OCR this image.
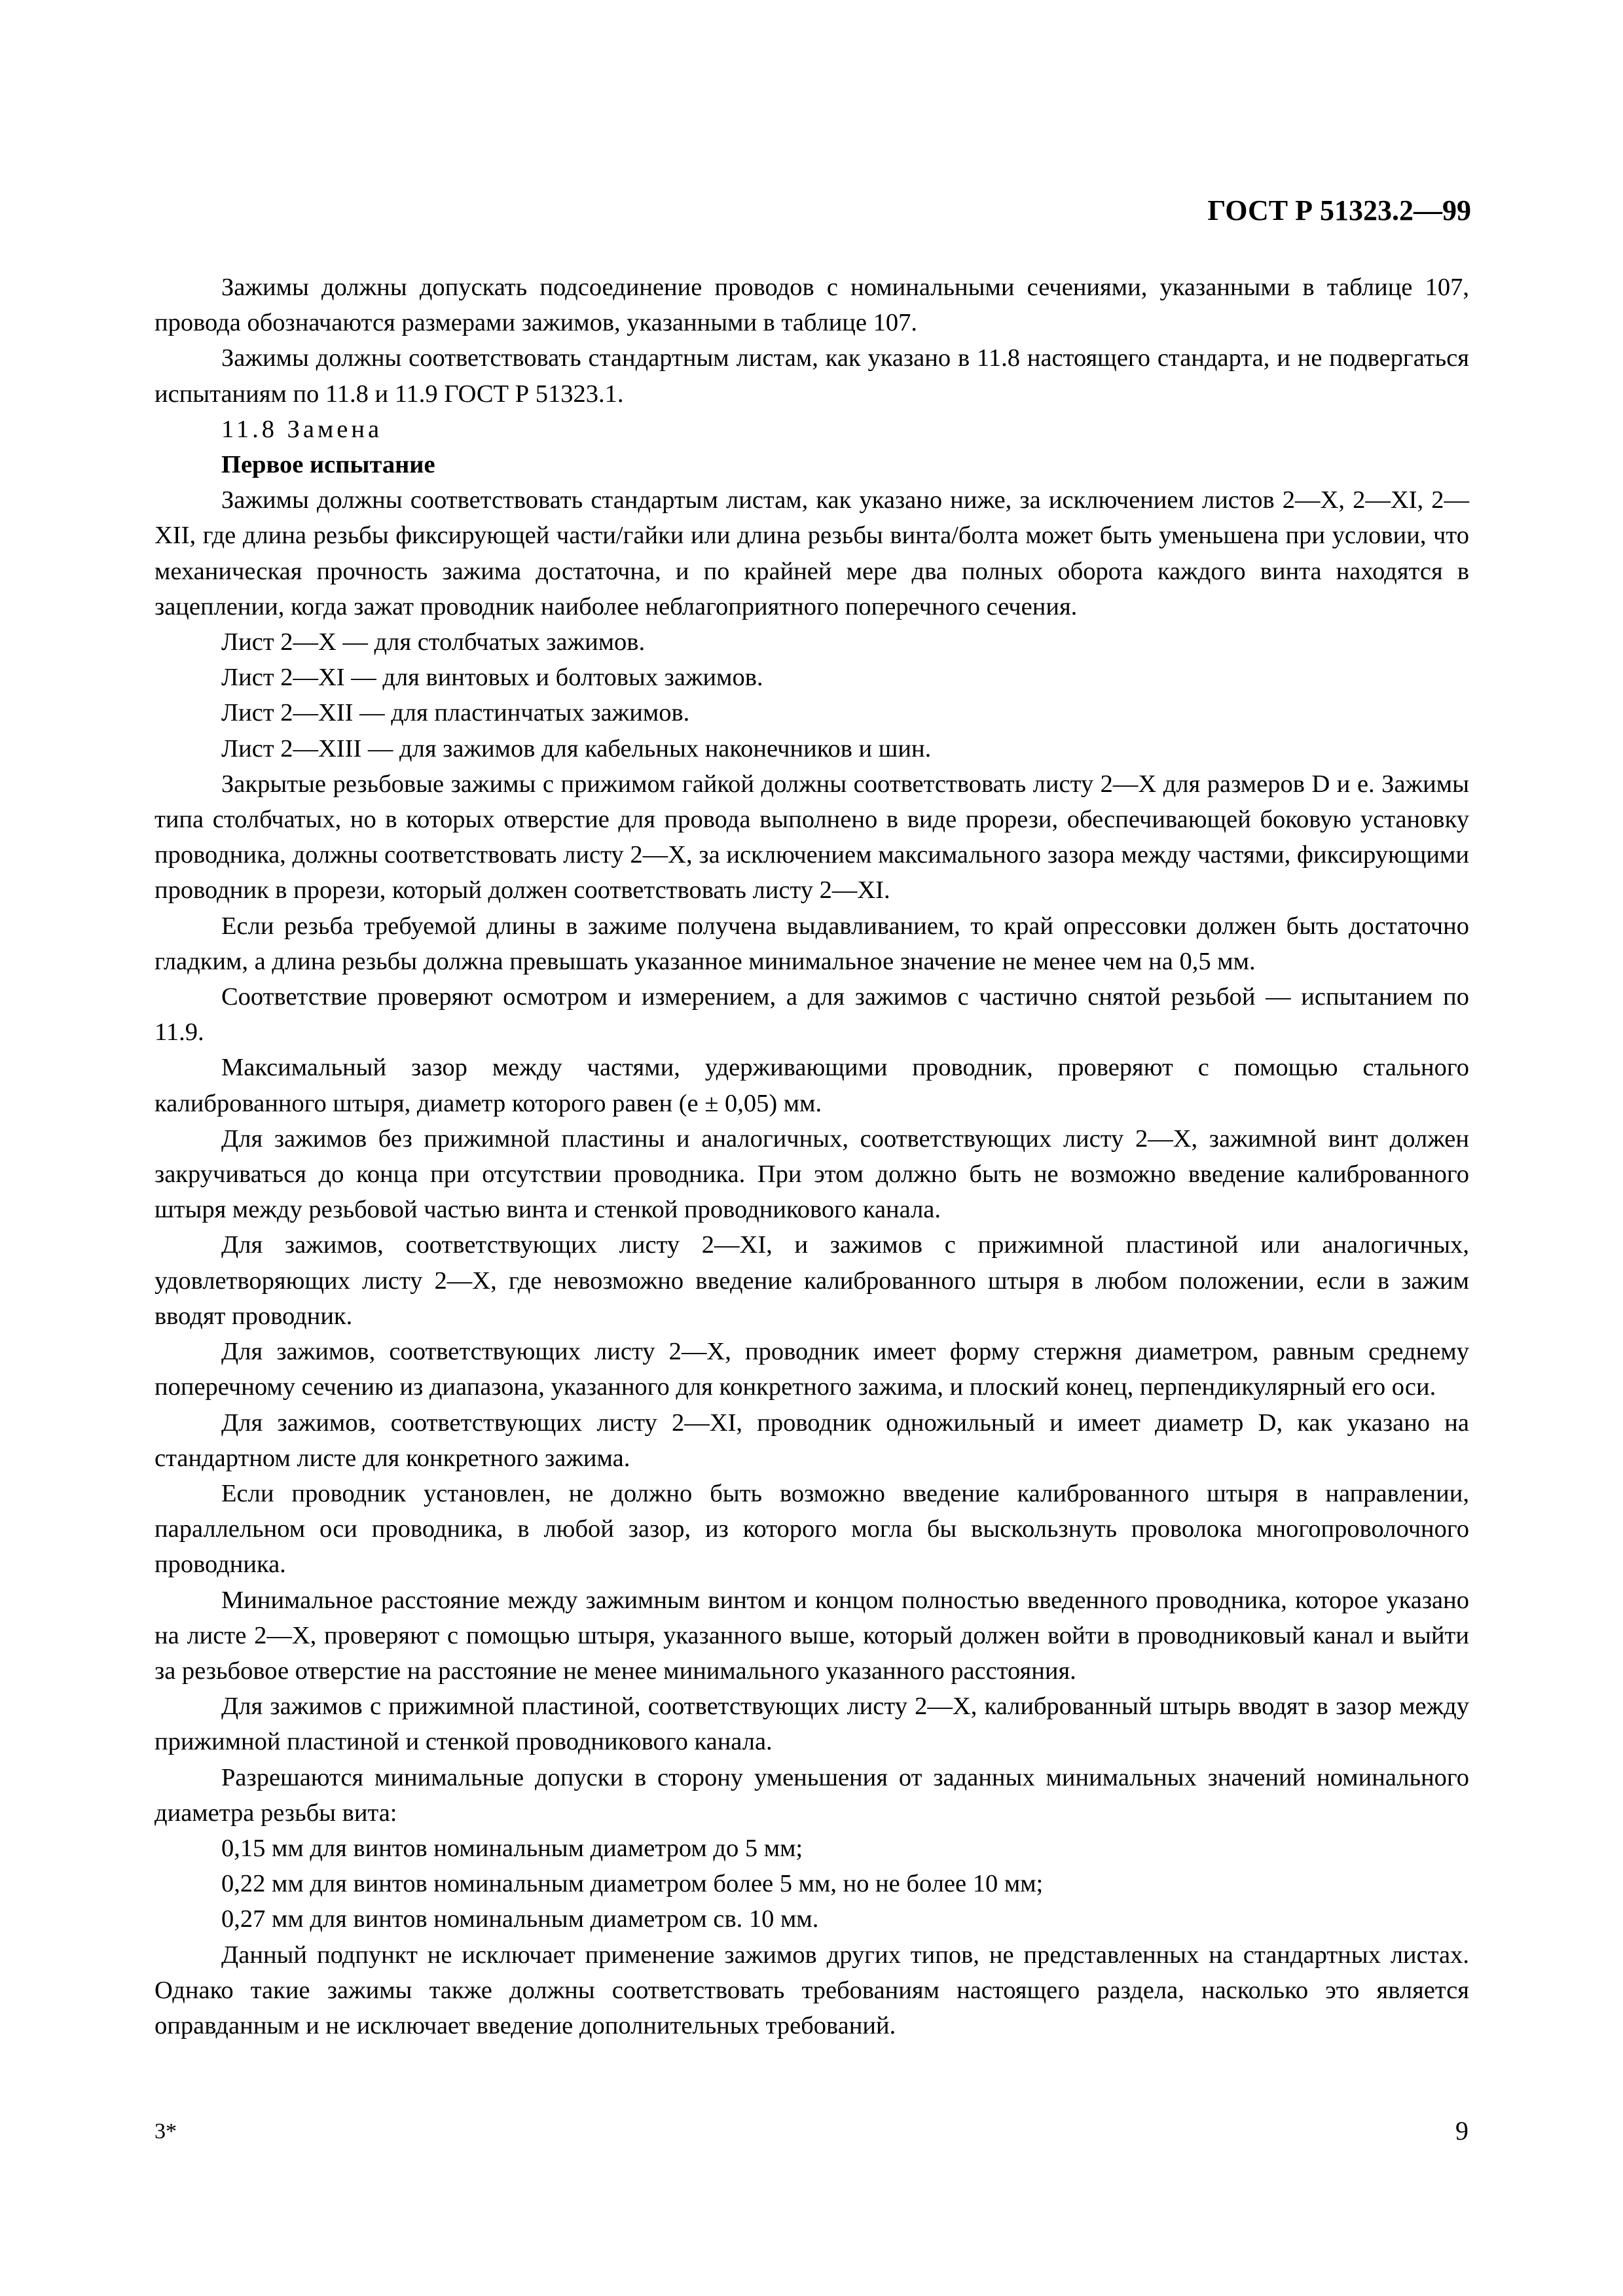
ГОСТ Р 51323.2—99

Зажимы должны допускать подсоединение проводов с номинальными сечениями, указанными в таблице 107, провода обозначаются размерами зажимов, указанными в таблице 107.

Зажимы должны соответствовать стандартным листам, как указано в 11.8 настоящего стандарта, и не подвергаться испытаниям по 11.8 и 11.9 ГОСТ Р 51323.1.

11.8 Замена

Первое испытание

Зажимы должны соответствовать стандартым листам, как указано ниже, за исключением листов 2—X, 2—XI, 2—XII, где длина резьбы фиксирующей части/гайки или длина резьбы винта/болта может быть уменьшена при условии, что механическая прочность зажима достаточна, и по крайней мере два полных оборота каждого винта находятся в зацеплении, когда зажат проводник наиболее неблагоприятного поперечного сечения.

Лист 2—X — для столбчатых зажимов.

Лист 2—XI — для винтовых и болтовых зажимов.

Лист 2—XII — для пластинчатых зажимов.

Лист 2—XIII — для зажимов для кабельных наконечников и шин.

Закрытые резьбовые зажимы с прижимом гайкой должны соответствовать листу 2—X для размеров D и e. Зажимы типа столбчатых, но в которых отверстие для провода выполнено в виде прорези, обеспечивающей боковую установку проводника, должны соответствовать листу 2—X, за исключением максимального зазора между частями, фиксирующими проводник в прорези, который должен соответствовать листу 2—XI.

Если резьба требуемой длины в зажиме получена выдавливанием, то край опрессовки должен быть достаточно гладким, а длина резьбы должна превышать указанное минимальное значение не менее чем на 0,5 мм.

Соответствие проверяют осмотром и измерением, а для зажимов с частично снятой резьбой — испытанием по 11.9.

Максимальный зазор между частями, удерживающими проводник, проверяют с помощью стального калиброванного штыря, диаметр которого равен (e ± 0,05) мм.

Для зажимов без прижимной пластины и аналогичных, соответствующих листу 2—X, зажимной винт должен закручиваться до конца при отсутствии проводника. При этом должно быть не возможно введение калиброванного штыря между резьбовой частью винта и стенкой проводникового канала.

Для зажимов, соответствующих листу 2—XI, и зажимов с прижимной пластиной или аналогичных, удовлетворяющих листу 2—X, где невозможно введение калиброванного штыря в любом положении, если в зажим вводят проводник.

Для зажимов, соответствующих листу 2—X, проводник имеет форму стержня диаметром, равным среднему поперечному сечению из диапазона, указанного для конкретного зажима, и плоский конец, перпендикулярный его оси.

Для зажимов, соответствующих листу 2—XI, проводник одножильный и имеет диаметр D, как указано на стандартном листе для конкретного зажима.

Если проводник установлен, не должно быть возможно введение калиброванного штыря в направлении, параллельном оси проводника, в любой зазор, из которого могла бы выскользнуть проволока многопроволочного проводника.

Минимальное расстояние между зажимным винтом и концом полностью введенного проводника, которое указано на листе 2—X, проверяют с помощью штыря, указанного выше, который должен войти в проводниковый канал и выйти за резьбовое отверстие на расстояние не менее минимального указанного расстояния.

Для зажимов с прижимной пластиной, соответствующих листу 2—X, калиброванный штырь вводят в зазор между прижимной пластиной и стенкой проводникового канала.

Разрешаются минимальные допуски в сторону уменьшения от заданных минимальных значений номинального диаметра резьбы вита:

0,15 мм для винтов номинальным диаметром до 5 мм;

0,22 мм для винтов номинальным диаметром более 5 мм, но не более 10 мм;

0,27 мм для винтов номинальным диаметром св. 10 мм.

Данный подпункт не исключает применение зажимов других типов, не представленных на стандартных листах. Однако такие зажимы также должны соответствовать требованиям настоящего раздела, насколько это является оправданным и не исключает введение дополнительных требований.

3*	9
